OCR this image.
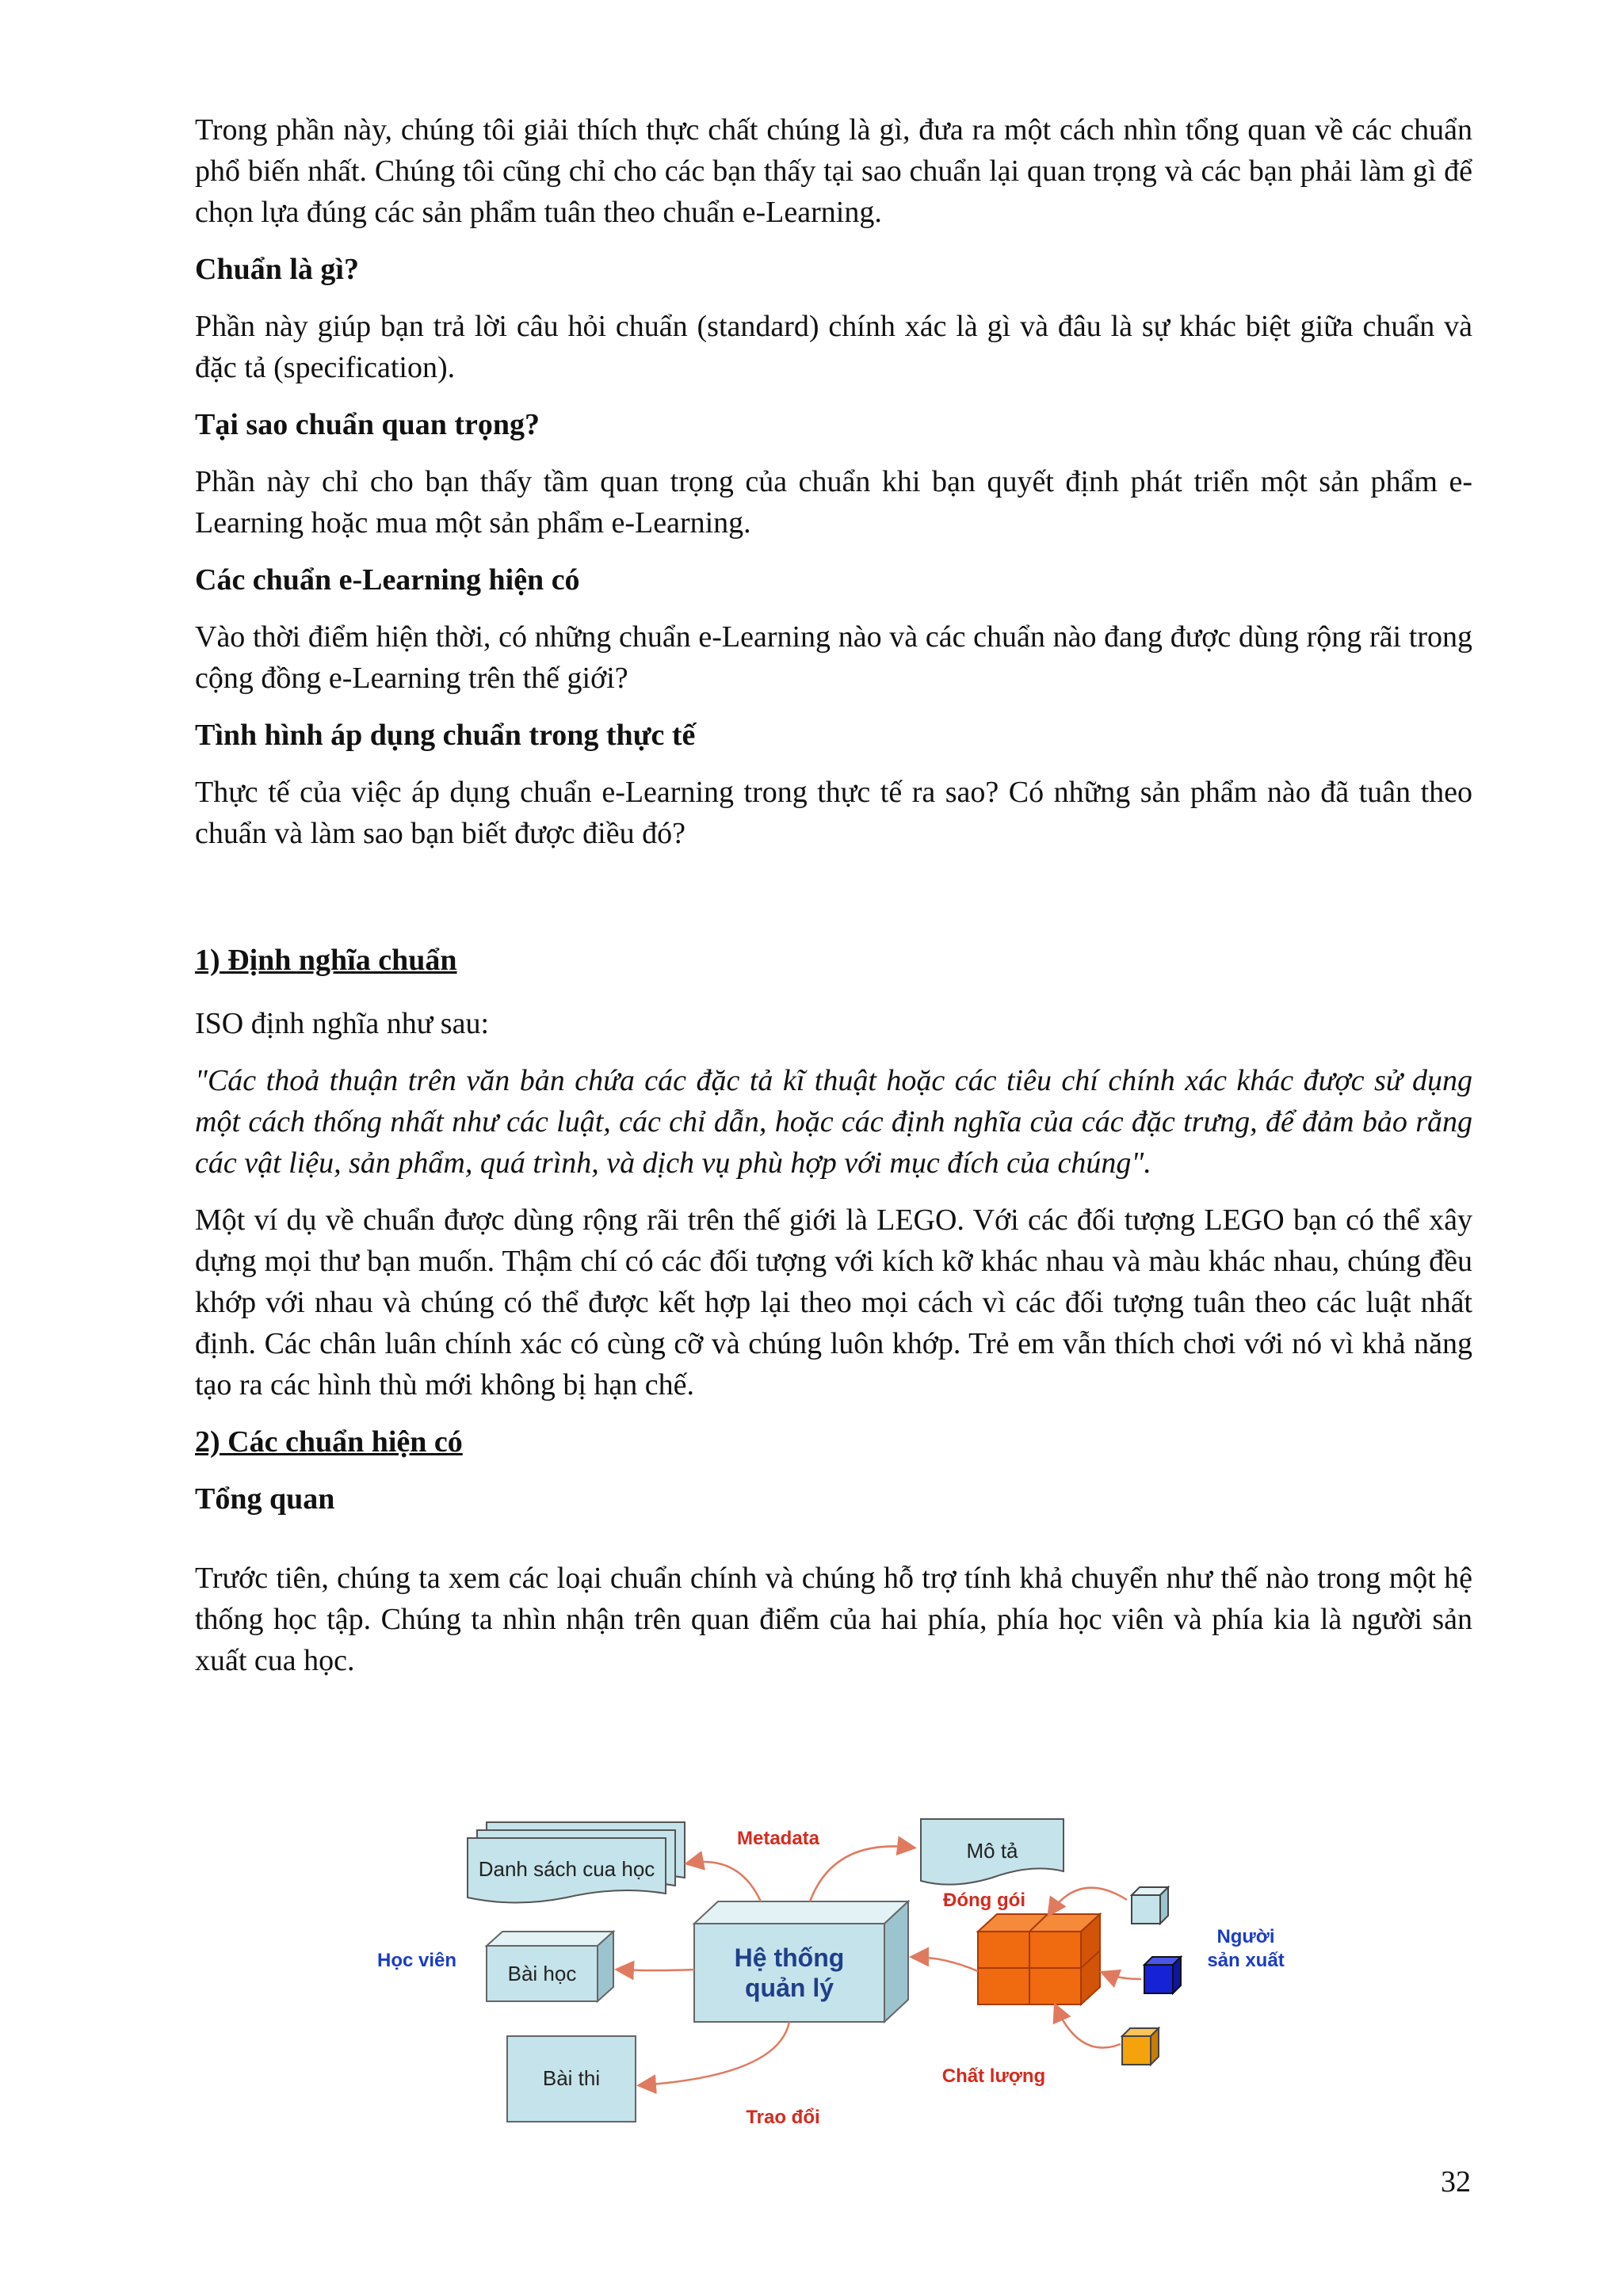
Trong phần này, chúng tôi giải thích thực chất chúng là gì, đưa ra một cách nhìn tổng quan về các chuẩn phổ biến nhất. Chúng tôi cũng chỉ cho các bạn thấy tại sao chuẩn lại quan trọng và các bạn phải làm gì để chọn lựa đúng các sản phẩm tuân theo chuẩn e-Learning.

Chuẩn là gì?

Phần này giúp bạn trả lời câu hỏi chuẩn (standard) chính xác là gì và đâu là sự khác biệt giữa chuẩn và đặc tả (specification).

Tại sao chuẩn quan trọng?

Phần này chỉ cho bạn thấy tầm quan trọng của chuẩn khi bạn quyết định phát triển một sản phẩm e-Learning hoặc mua một sản phẩm e-Learning.

Các chuẩn e-Learning hiện có

Vào thời điểm hiện thời, có những chuẩn e-Learning nào và các chuẩn nào đang được dùng rộng rãi trong cộng đồng e-Learning trên thế giới?

Tình hình áp dụng chuẩn trong thực tế

Thực tế của việc áp dụng chuẩn e-Learning trong thực tế ra sao? Có những sản phẩm nào đã tuân theo chuẩn và làm sao bạn biết được điều đó?

1) Định nghĩa chuẩn

ISO định nghĩa như sau:

"Các thoả thuận trên văn bản chứa các đặc tả kĩ thuật hoặc các tiêu chí chính xác khác được sử dụng một cách thống nhất như các luật, các chỉ dẫn, hoặc các định nghĩa của các đặc trưng, để đảm bảo rằng các vật liệu, sản phẩm, quá trình, và dịch vụ phù hợp với mục đích của chúng".

Một ví dụ về chuẩn được dùng rộng rãi trên thế giới là LEGO. Với các đối tượng LEGO bạn có thể xây dựng mọi thư bạn muốn. Thậm chí có các đối tượng với kích kỡ khác nhau và màu khác nhau, chúng đều khớp với nhau và chúng có thể được kết hợp lại theo mọi cách vì các đối tượng tuân theo các luật nhất định. Các chân luân chính xác có cùng cỡ và chúng luôn khớp. Trẻ em vẫn thích chơi với nó vì khả năng tạo ra các hình thù mới không bị hạn chế.

2) Các chuẩn hiện có

Tổng quan

Trước tiên, chúng ta xem các loại chuẩn chính và chúng hỗ trợ tính khả chuyển như thế nào trong một hệ thống học tập. Chúng ta nhìn nhận trên quan điểm của hai phía, phía học viên và phía kia là người sản xuất cua học.

Danh sách cua học
Mô tả
Bài học
Bài thi
Hệ thống
quản lý
Metadata
Đóng gói
Chất lượng
Trao đổi
Học viên
Người
sản xuất
32
